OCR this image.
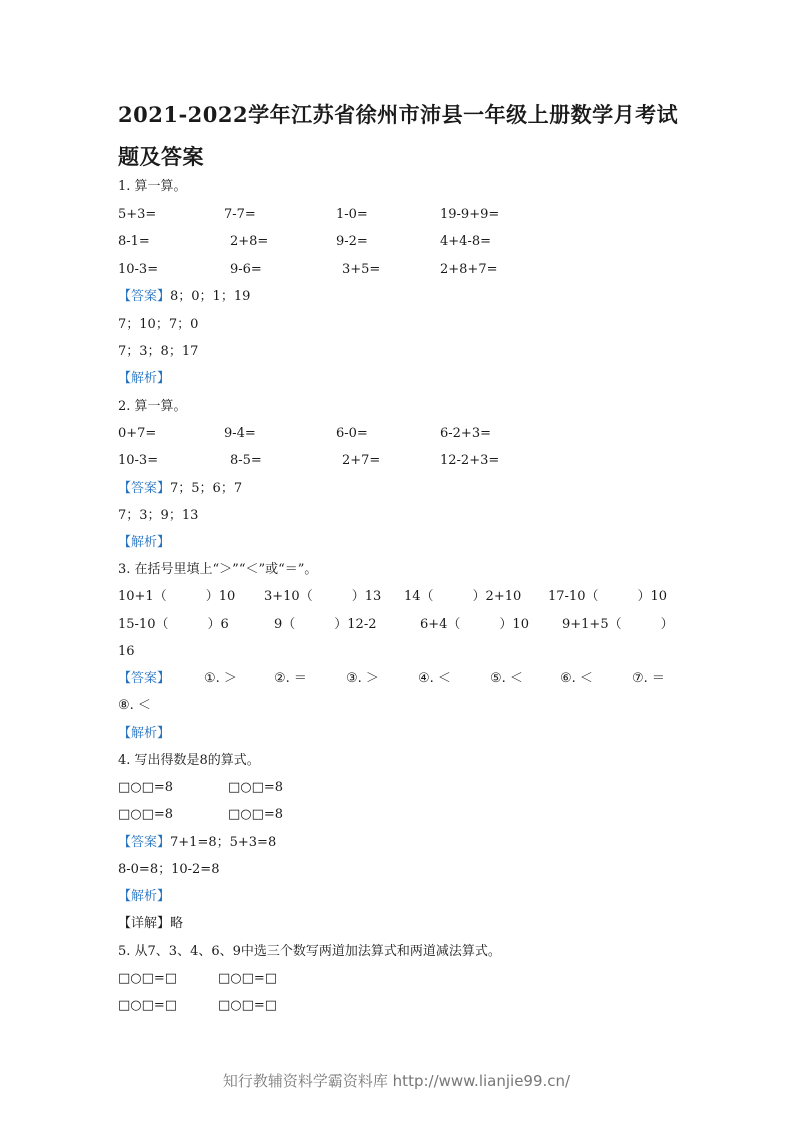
2021-2022学年江苏省徐州市沛县一年级上册数学月考试题及答案
1. 算一算。
5+3=	7-7=	1-0=	19-9+9=
8-1=	2+8=	9-2=	4+4-8=
10-3=	9-6=	3+5=	2+8+7=
【答案】8；0；1；19
7；10；7；0
7；3；8；17
【解析】
2. 算一算。
0+7=	9-4=	6-0=	6-2+3=
10-3=	8-5=	2+7=	12-2+3=
【答案】7；5；6；7
7；3；9；13
【解析】
3. 在括号里填上“＞”“＜”或“＝”。
10+1（　　　）10 3+10（　　　）13 14（　　　）2+10 17-10（　　　）10
15-10（　　　）6	9（　　　）12-2	6+4（　　　）10	9+1+5（　　　）
16
【答案】	①. ＞	②. ＝	③. ＞	④. ＜	⑤. ＜	⑥. ＜	⑦. ＝
⑧. ＜
【解析】
4. 写出得数是8的算式。
□○□=8	□○□=8
□○□=8	□○□=8
【答案】7+1=8；5+3=8
8-0=8；10-2=8
【解析】
【详解】略
5. 从7、3、4、6、9中选三个数写两道加法算式和两道减法算式。
□○□=□	□○□=□
□○□=□	□○□=□
知行教辅资料学霸资料库 http://www.lianjie99.cn/
